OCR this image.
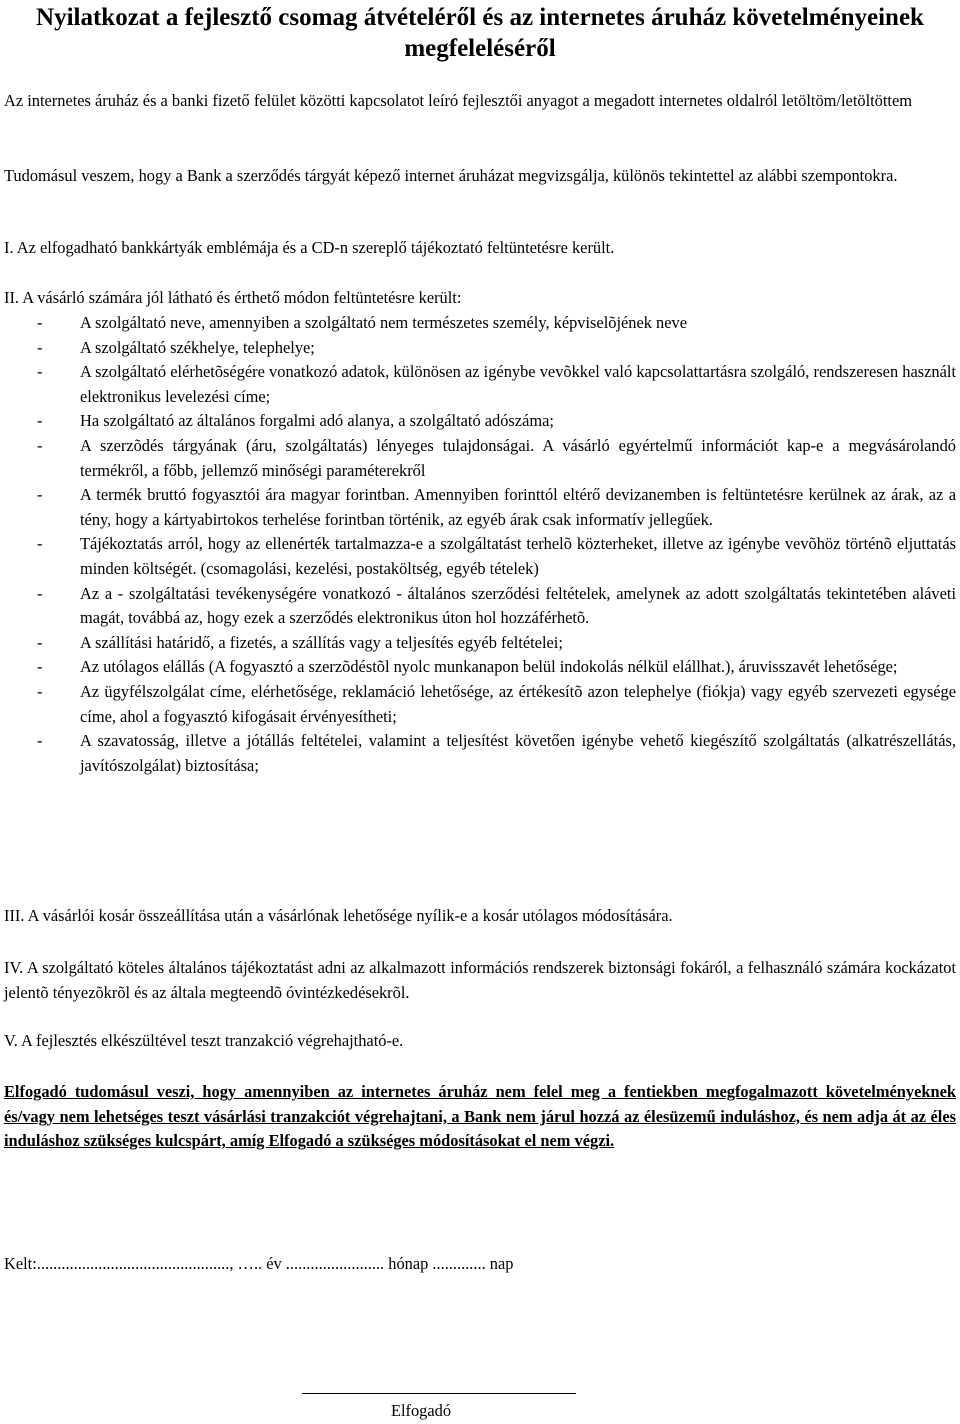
Nyilatkozat a fejlesztő csomag átvételéről és az internetes áruház követelményeinek megfeleléséről

Az internetes áruház és a banki fizető felület közötti kapcsolatot leíró fejlesztői anyagot a megadott internetes oldalról letöltöm/letöltöttem

Tudomásul veszem, hogy a Bank a szerződés tárgyát képező internet áruházat megvizsgálja, különös tekintettel az alábbi szempontokra.

I. Az elfogadható bankkártyák emblémája és a CD-n szereplő tájékoztató feltüntetésre került.

II. A vásárló számára jól látható és érthető módon feltüntetésre került:

- A szolgáltató neve, amennyiben a szolgáltató nem természetes személy, képviselõjének neve
- A szolgáltató székhelye, telephelye;
- A szolgáltató elérhetõségére vonatkozó adatok, különösen az igénybe vevõkkel való kapcsolattartásra szolgáló, rendszeresen használt elektronikus levelezési címe;
- Ha szolgáltató az általános forgalmi adó alanya, a szolgáltató adószáma;
- A szerzõdés tárgyának (áru, szolgáltatás) lényeges tulajdonságai. A vásárló egyértelmű információt kap-e a megvásárolandó termékről, a főbb, jellemző minőségi paraméterekről
- A termék bruttó fogyasztói ára magyar forintban. Amennyiben forinttól eltérő devizanemben is feltüntetésre kerülnek az árak, az a tény, hogy a kártyabirtokos terhelése forintban történik, az egyéb árak csak informatív jellegűek.
- Tájékoztatás arról, hogy az ellenérték tartalmazza-e a szolgáltatást terhelõ közterheket, illetve az igénybe vevõhöz történõ eljuttatás minden költségét. (csomagolási, kezelési, postaköltség, egyéb tételek)
- Az a - szolgáltatási tevékenységére vonatkozó - általános szerződési feltételek, amelynek az adott szolgáltatás tekintetében aláveti magát, továbbá az, hogy ezek a szerződés elektronikus úton hol hozzáférhetõ.
- A szállítási határidő, a fizetés, a szállítás vagy a teljesítés egyéb feltételei;
- Az utólagos elállás (A fogyasztó a szerzõdéstõl nyolc munkanapon belül indokolás nélkül elállhat.), áruvisszavét lehetősége;
- Az ügyfélszolgálat címe, elérhetősége, reklamáció lehetősége, az értékesítõ azon telephelye (fiókja) vagy egyéb szervezeti egysége címe, ahol a fogyasztó kifogásait érvényesítheti;
- A szavatosság, illetve a jótállás feltételei, valamint a teljesítést követően igénybe vehető kiegészítő szolgáltatás (alkatrészellátás, javítószolgálat) biztosítása;

III. A vásárlói kosár összeállítása után a vásárlónak lehetősége nyílik-e a kosár utólagos módosítására.

IV. A szolgáltató köteles általános tájékoztatást adni az alkalmazott információs rendszerek biztonsági fokáról, a felhasználó számára kockázatot jelentõ tényezõkrõl és az általa megteendõ óvintézkedésekrõl.

V. A fejlesztés elkészültével teszt tranzakció végrehajtható-e.

Elfogadó tudomásul veszi, hogy amennyiben az internetes áruház nem felel meg a fentiekben megfogalmazott követelményeknek és/vagy nem lehetséges teszt vásárlási tranzakciót végrehajtani, a Bank nem járul hozzá az élesüzemű induláshoz, és nem adja át az éles induláshoz szükséges kulcspárt, amíg Elfogadó a szükséges módosításokat el nem végzi.

Kelt:..............................................., ….. év ........................ hónap ............. nap
Elfogadó
